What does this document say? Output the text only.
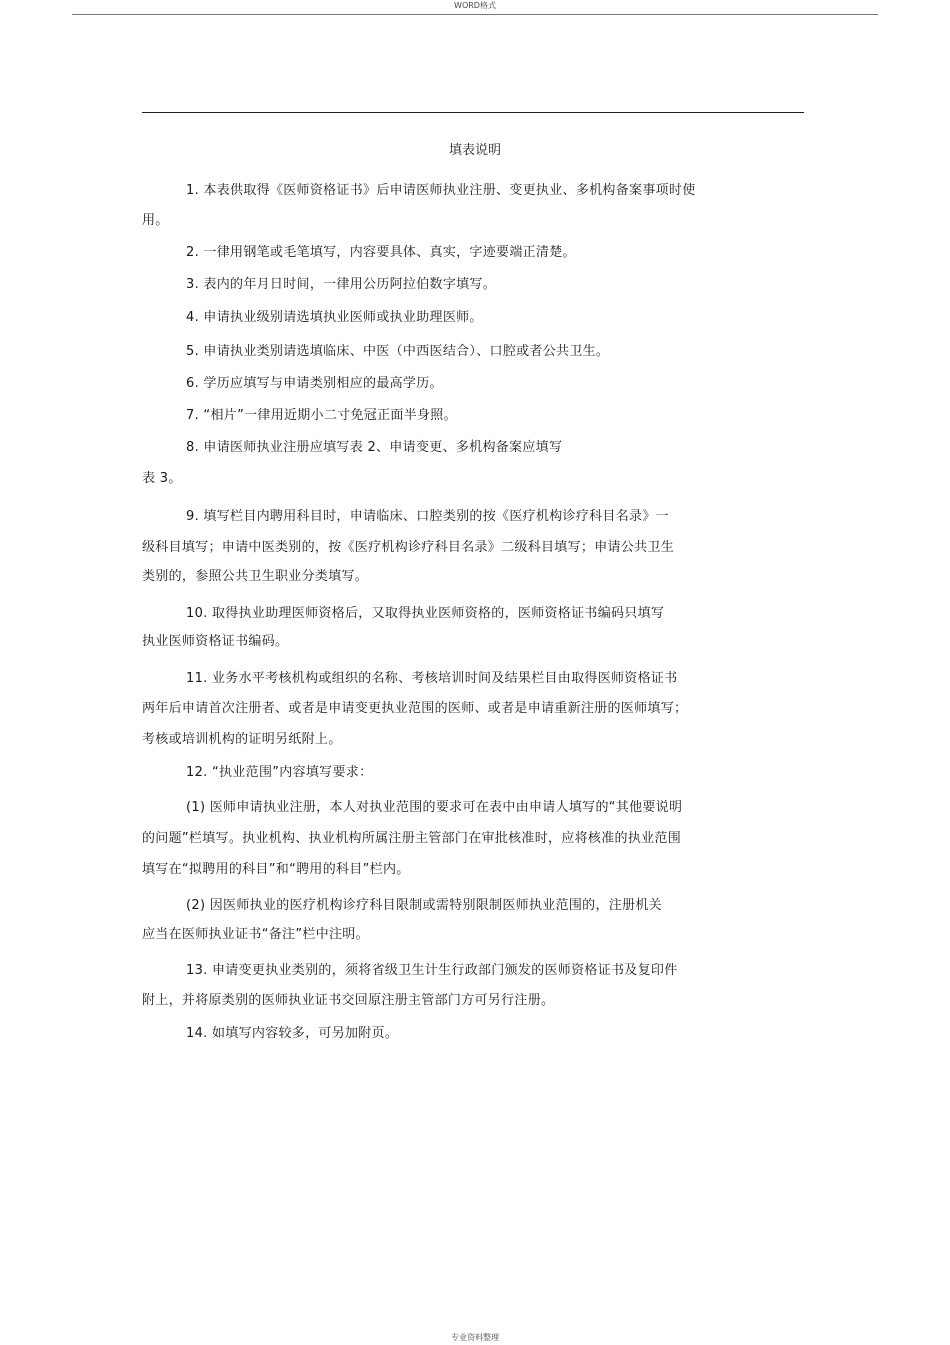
WORD格式
填表说明
1. 本表供取得《医师资格证书》后申请医师执业注册、变更执业、多机构备案事项时使
用。
2. 一律用钢笔或毛笔填写，内容要具体、真实，字迹要端正清楚。
3. 表内的年月日时间，一律用公历阿拉伯数字填写。
4. 申请执业级别请选填执业医师或执业助理医师。
5. 申请执业类别请选填临床、中医（中西医结合）、口腔或者公共卫生。
6. 学历应填写与申请类别相应的最高学历。
7. “相片”一律用近期小二寸免冠正面半身照。
8. 申请医师执业注册应填写表 2、申请变更、多机构备案应填写
表 3。
9. 填写栏目内聘用科目时，申请临床、口腔类别的按《医疗机构诊疗科目名录》一
级科目填写；申请中医类别的，按《医疗机构诊疗科目名录》二级科目填写；申请公共卫生
类别的，参照公共卫生职业分类填写。
10. 取得执业助理医师资格后，又取得执业医师资格的，医师资格证书编码只填写
执业医师资格证书编码。
11. 业务水平考核机构或组织的名称、考核培训时间及结果栏目由取得医师资格证书
两年后申请首次注册者、或者是申请变更执业范围的医师、或者是申请重新注册的医师填写；
考核或培训机构的证明另纸附上。
12. “执业范围”内容填写要求：
(1) 医师申请执业注册，本人对执业范围的要求可在表中由申请人填写的“其他要说明
的问题”栏填写。执业机构、执业机构所属注册主管部门在审批核准时，应将核准的执业范围
填写在“拟聘用的科目”和“聘用的科目”栏内。
(2) 因医师执业的医疗机构诊疗科目限制或需特别限制医师执业范围的，注册机关
应当在医师执业证书“备注”栏中注明。
13. 申请变更执业类别的，须将省级卫生计生行政部门颁发的医师资格证书及复印件
附上，并将原类别的医师执业证书交回原注册主管部门方可另行注册。
14. 如填写内容较多，可另加附页。
专业资料整理
